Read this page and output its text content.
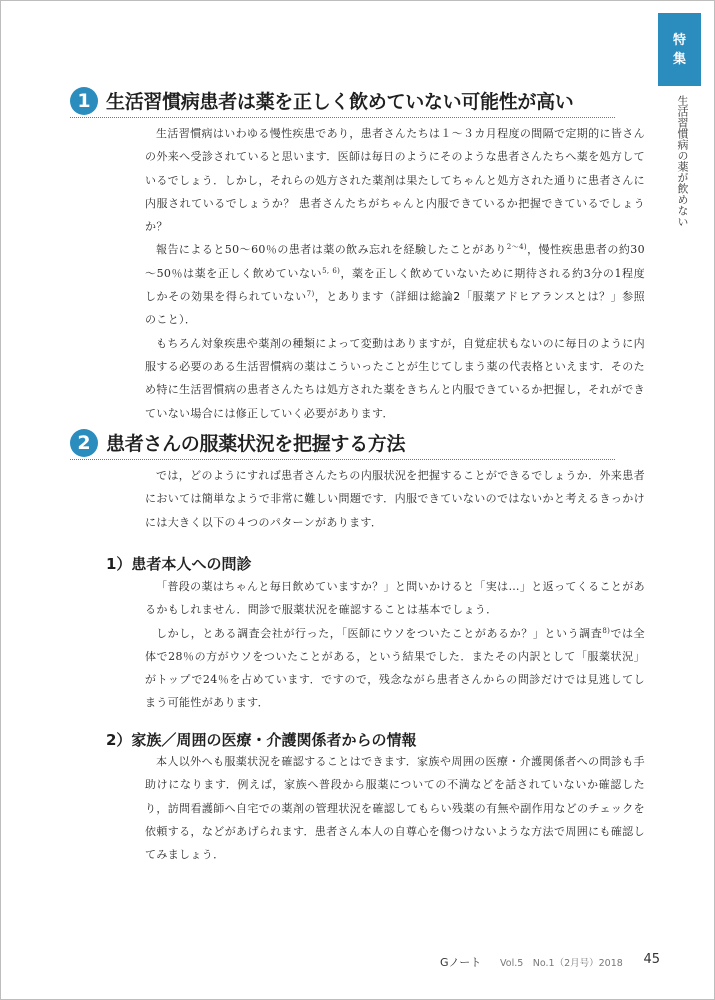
特
集
生活習慣病の薬が飲めない
1 生活習慣病患者は薬を正しく飲めていない可能性が高い

生活習慣病はいわゆる慢性疾患であり，患者さんたちは１～３カ月程度の間隔で定期的に皆さんの外来へ受診されていると思います．医師は毎日のようにそのような患者さんたちへ薬を処方しているでしょう．しかし，それらの処方された薬剤は果たしてちゃんと処方された通りに患者さんに内服されているでしょうか？ 患者さんたちがちゃんと内服できているか把握できているでしょうか？

報告によると50～60％の患者は薬の飲み忘れを経験したことがあり$^{2\sim 4)}$，慢性疾患患者の約30～50％は薬を正しく飲めていない$^{5, 6)}$，薬を正しく飲めていないために期待される約3分の1程度しかその効果を得られていない$^{7)}$，とあります（詳細は総論2「服薬アドヒアランスとは？」参照のこと）．

もちろん対象疾患や薬剤の種類によって変動はありますが，自覚症状もないのに毎日のように内服する必要のある生活習慣病の薬はこういったことが生じてしまう薬の代表格といえます．そのため特に生活習慣病の患者さんたちは処方された薬をきちんと内服できているか把握し，それができていない場合には修正していく必要があります．

2 患者さんの服薬状況を把握する方法

では，どのようにすれば患者さんたちの内服状況を把握することができるでしょうか．外来患者においては簡単なようで非常に難しい問題です．内服できていないのではないかと考えるきっかけには大きく以下の４つのパターンがあります．

1）患者本人への問診

「普段の薬はちゃんと毎日飲めていますか？」と問いかけると「実は…」と返ってくることがあるかもしれません．問診で服薬状況を確認することは基本でしょう．

しかし，とある調査会社が行った，「医師にウソをついたことがあるか？」という調査$^{8)}$では全体で28％の方がウソをついたことがある，という結果でした．またその内訳として「服薬状況」がトップで24％を占めています．ですので，残念ながら患者さんからの問診だけでは見逃してしまう可能性があります．

2）家族／周囲の医療・介護関係者からの情報

本人以外へも服薬状況を確認することはできます．家族や周囲の医療・介護関係者への問診も手助けになります．例えば，家族へ普段から服薬についての不満などを話されていないか確認したり，訪問看護師へ自宅での薬剤の管理状況を確認してもらい残薬の有無や副作用などのチェックを依頼する，などがあげられます．患者さん本人の自尊心を傷つけないような方法で周囲にも確認してみましょう．

Gノート Vol.5　No.1（2月号）2018 45
